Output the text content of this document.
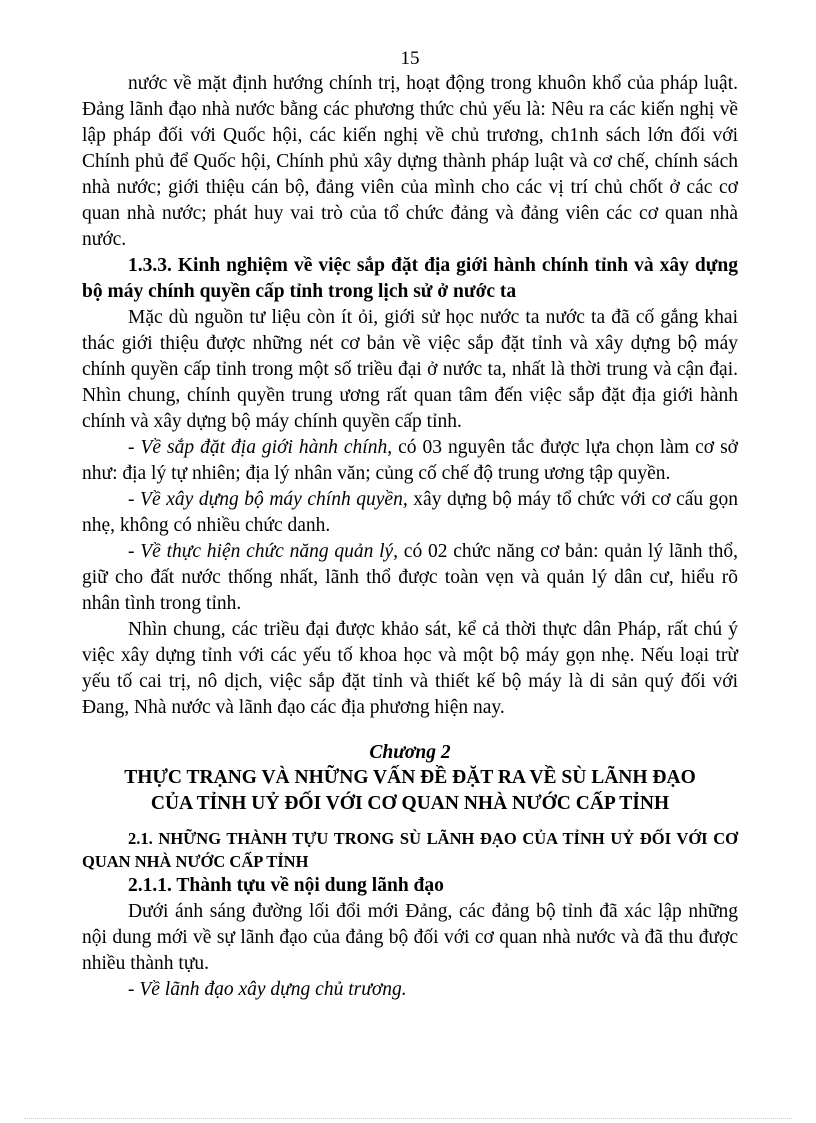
15

nước về mặt định hướng chính trị, hoạt động trong khuôn khổ của pháp luật. Đảng lãnh đạo nhà nước bằng các phương thức chủ yếu là: Nêu ra các kiến nghị về lập pháp đối với Quốc hội, các kiến nghị về chủ trương, ch1nh sách lớn đối với Chính phủ để Quốc hội, Chính phủ xây dựng thành pháp luật và cơ chế, chính sách nhà nước; giới thiệu cán bộ, đảng viên của mình cho các vị trí chủ chốt ở các cơ quan nhà nước; phát huy vai trò của tổ chức đảng và đảng viên các cơ quan nhà nước.

1.3.3. Kinh nghiệm về việc sắp đặt địa giới hành chính tỉnh và xây dựng bộ máy chính quyền cấp tỉnh trong lịch sử ở nước ta

Mặc dù nguồn tư liệu còn ít ỏi, giới sử học nước ta nước ta đã cố gắng khai thác giới thiệu được những nét cơ bản về việc sắp đặt tỉnh và xây dựng bộ máy chính quyền cấp tỉnh trong một số triều đại ở nước ta, nhất là thời trung và cận đại. Nhìn chung, chính quyền trung ương rất quan tâm đến việc sắp đặt địa giới hành chính và xây dựng bộ máy chính quyền cấp tỉnh.

- Về sắp đặt địa giới hành chính, có 03 nguyên tắc được lựa chọn làm cơ sở như: địa lý tự nhiên; địa lý nhân văn; củng cố chế độ trung ương tập quyền.

- Về xây dựng bộ máy chính quyền, xây dựng bộ máy tổ chức với cơ cấu gọn nhẹ, không có nhiều chức danh.

- Về thực hiện chức năng quản lý, có 02 chức năng cơ bản: quản lý lãnh thổ, giữ cho đất nước thống nhất, lãnh thổ được toàn vẹn và quản lý dân cư, hiểu rõ nhân tình trong tỉnh.

Nhìn chung, các triều đại được khảo sát, kể cả thời thực dân Pháp, rất chú ý việc xây dựng tỉnh với các yếu tố khoa học và một bộ máy gọn nhẹ. Nếu loại trừ yếu tố cai trị, nô dịch, việc sắp đặt tỉnh và thiết kế bộ máy là di sản quý đối với Đang, Nhà nước và lãnh đạo các địa phương hiện nay.

Chương 2
THỰC TRẠNG VÀ NHỮNG VẤN ĐỀ ĐẶT RA VỀ SÙ LÃNH ĐẠO
CỦA TỈNH UỶ ĐỐI VỚI CƠ QUAN NHÀ NƯỚC CẤP TỈNH

2.1. NHỮNG THÀNH TỰU TRONG SÙ LÃNH ĐẠO CỦA TỈNH UỶ ĐỐI VỚI CƠ QUAN NHÀ NƯỚC CẤP TỈNH

2.1.1. Thành tựu về nội dung lãnh đạo

Dưới ánh sáng đường lối đổi mới Đảng, các đảng bộ tỉnh đã xác lập những nội dung mới về sự lãnh đạo của đảng bộ đối với cơ quan nhà nước và đã thu được nhiều thành tựu.

- Về lãnh đạo xây dựng chủ trương.
